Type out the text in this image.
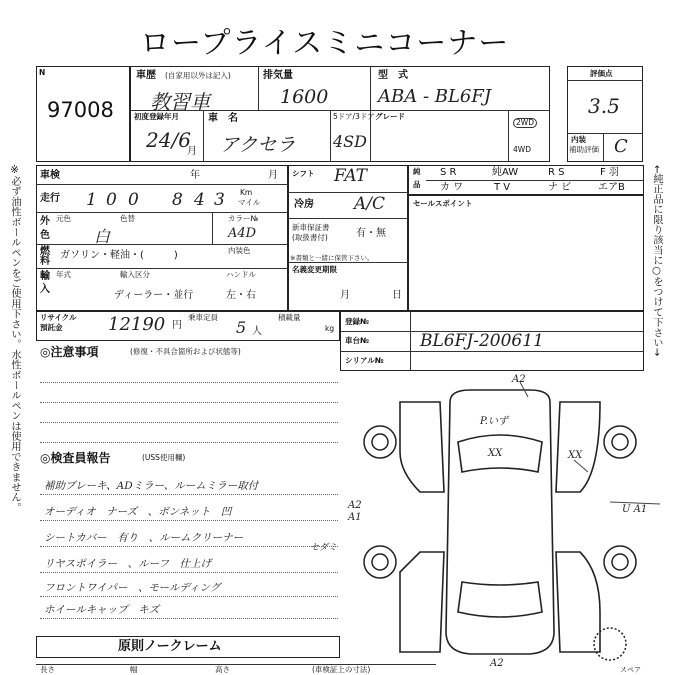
ロープライスミニコーナー
N
97008
車歴 (自家用以外は記入)
教習車
排気量
1600
型　式
ABA - BL6FJ
初度登録年月
24/6
月
車　名
アクセラ
5ドア/3ドア
4SD
グレード
2WD
4WD
評価点
3.5
内装
補助評価 C
※必ず油性ボールペンをご使用下さい。水性ボールペンは使用できません。	←純正品に限り該当に○をつけて下さい→
車検	年	月
走行 1 0 0 8 4 3 Km
マイル
外
色
元色	色替
白
カラー№
A4D
燃
料
ガソリン・軽油・(　　　)	内装色
輸
入
年式	輸入区分
ディーラー・並行
ハンドル
左・右
リサイクル
預託金	12190 円
乗車定員
5 人
積載量
kg
シフト FAT
冷房 A/C
新車保証書
(取扱書付)	有・無
※書類と一緒に保管下さい。
名義変更期限
月	日
純
品
S R	純AW	R S	F 羽
カ ワ	T V	ナ ビ	エアB
セールスポイント
登録№
車台№	BL6FJ-200611
シリアル№
◎注意事項	(修復・不具合箇所および状態等)
◎検査員報告	(USS使用欄)
補助ブレーキ、ADミラー、ルームミラー取付
オーディオ　ナーズ　、ボンネット　凹　
シートカバー　有り　、ルームクリーナー
リヤスポイラー　、ルーフ　仕上げ
フロントワイパー　、モールディング
ホイールキャップ　キズ
セダミ
原則ノークレーム
長さ	幅	高さ	(車検証上の寸法)
A2
P.いず
XX	XX
A2
A1
U A1
A2
スペア
